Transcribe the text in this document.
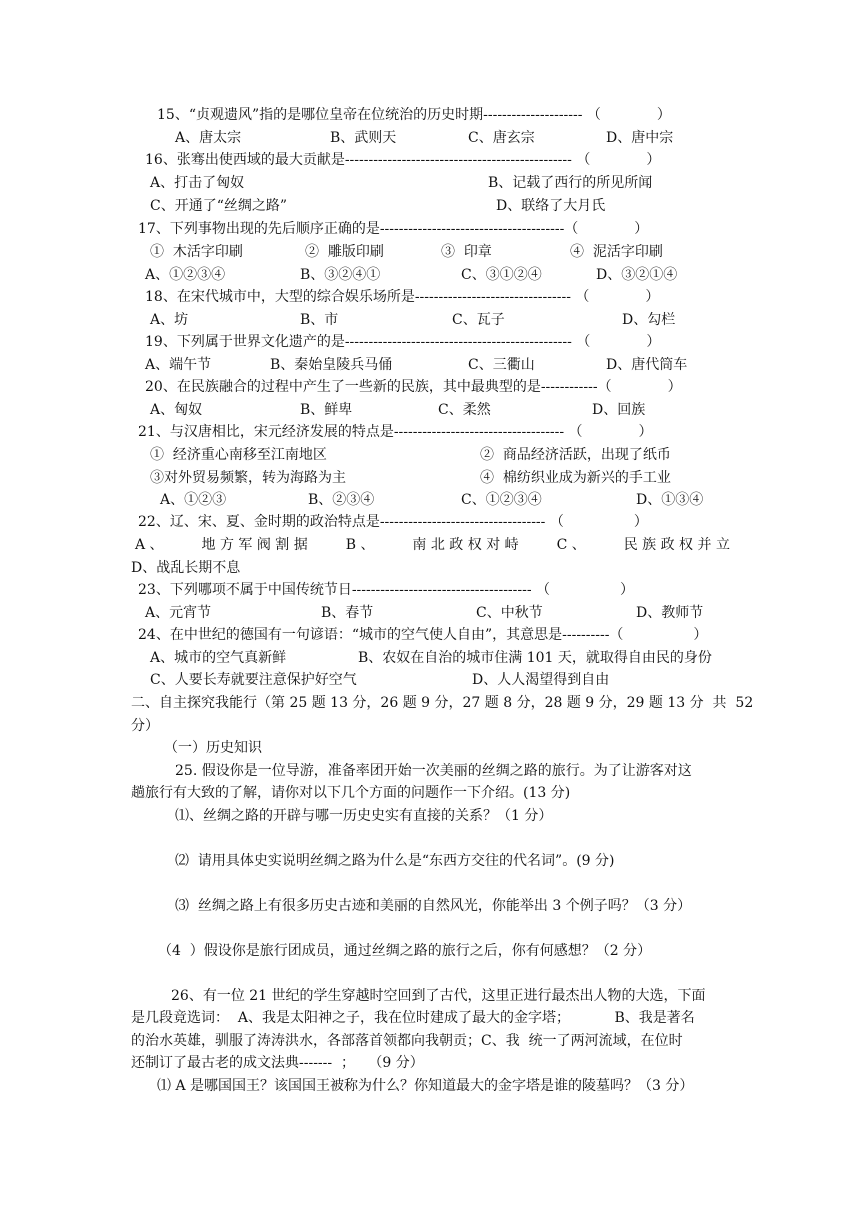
15、“贞观遗风”指的是哪位皇帝在位统治的历史时期--------------------- （　　　　）
A、唐太宗	B、武则天	C、唐玄宗	D、唐中宗
16、张骞出使西域的最大贡献是------------------------------------------------ （　　　　）
A、打击了匈奴	B、记载了西行的所见所闻
C、开通了“丝绸之路”	D、联络了大月氏
17、下列事物出现的先后顺序正确的是---------------------------------------（　　　　）
①  木活字印刷	②  雕版印刷	③  印章	④  泥活字印刷
A、①②③④	B、③②④①	C、③①②④	D、③②①④
18、在宋代城市中，大型的综合娱乐场所是--------------------------------- （　　　　）
A、坊	B、市	C、瓦子	D、勾栏
19、下列属于世界文化遗产的是------------------------------------------------ （　　　　）
A、端午节	B、秦始皇陵兵马俑	C、三衢山	D、唐代筒车
20、在民族融合的过程中产生了一些新的民族，其中最典型的是------------（　　　　）
A、匈奴	B、鲜卑	C、柔然	D、回族
21、与汉唐相比，宋元经济发展的特点是------------------------------------ （　　　　）
①  经济重心南移至江南地区	②  商品经济活跃，出现了纸币
③对外贸易频繁，转为海路为主	④  棉纺织业成为新兴的手工业
A、①②③	B、②③④	C、①②③④	D、①③④
22、辽、宋、夏、金时期的政治特点是----------------------------------- （　　　　　）
A 、	地 方 军 阀 割 据	B 、	南 北 政 权 对 峙	C 、	民 族 政 权 并 立
D、战乱长期不息
23、下列哪项不属于中国传统节日-------------------------------------- （　　　　　）
A、元宵节	B、春节	C、中秋节	D、教师节
24、在中世纪的德国有一句谚语：“城市的空气使人自由”，其意思是----------（　　　　　）
A、城市的空气真新鲜	B、农奴在自治的城市住满 101 天，就取得自由民的身份
C、人要长寿就要注意保护好空气	D、人人渴望得到自由
二、自主探究我能行（第 25 题 13 分，26 题 9 分，27 题 8 分，28 题 9 分，29 题 13 分  共  52
分）
（一）历史知识
25. 假设你是一位导游，准备率团开始一次美丽的丝绸之路的旅行。为了让游客对这
趟旅行有大致的了解，请你对以下几个方面的问题作一下介绍。(13 分)
⑴、丝绸之路的开辟与哪一历史史实有直接的关系？（1 分）
⑵  请用具体史实说明丝绸之路为什么是“东西方交往的代名词”。(9 分)
⑶  丝绸之路上有很多历史古迹和美丽的自然风光，你能举出 3 个例子吗？（3 分）
（4  ）假设你是旅行团成员，通过丝绸之路的旅行之后，你有何感想？（2 分）
26、有一位 21 世纪的学生穿越时空回到了古代，这里正进行最杰出人物的大选，下面
是几段竟选词：  A、我是太阳神之子，我在位时建成了最大的金字塔；          B、我是著名
的治水英雄，驯服了涛涛洪水，各部落首领都向我朝贡；C、我  统一了两河流域，在位时
还制订了最古老的成文法典-------  ；   （9 分）
⑴ A 是哪国国王？该国国王被称为什么？你知道最大的金字塔是谁的陵墓吗？（3 分）
